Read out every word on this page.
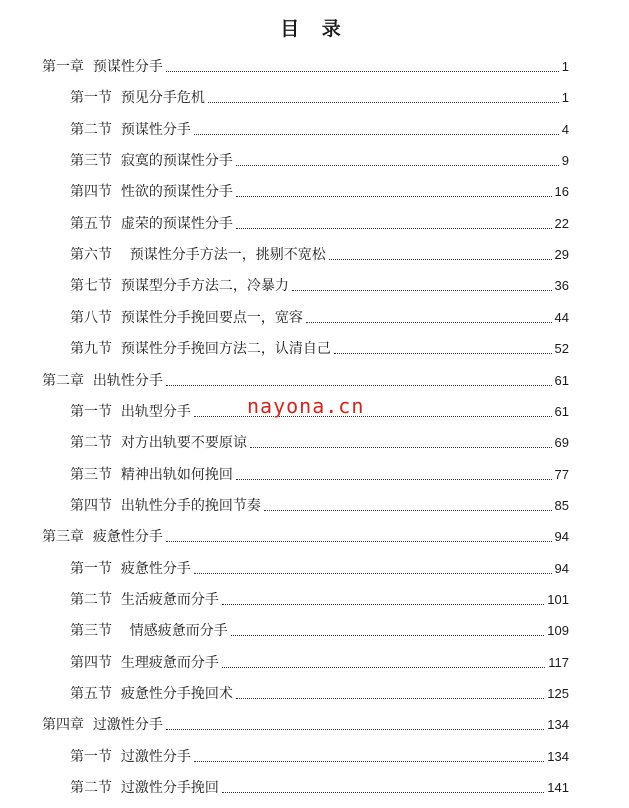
目 录
第一章  预谋性分手	1
第一节  预见分手危机	1
第二节  预谋性分手	4
第三节  寂寞的预谋性分手	9
第四节  性欲的预谋性分手	16
第五节  虚荣的预谋性分手	22
第六节    预谋性分手方法一，挑剔不宽松	29
第七节  预谋型分手方法二，冷暴力	36
第八节  预谋性分手挽回要点一，宽容	44
第九节  预谋性分手挽回方法二，认清自己	52
第二章  出轨性分手	61
第一节  出轨型分手	61
第二节  对方出轨要不要原谅	69
第三节  精神出轨如何挽回	77
第四节  出轨性分手的挽回节奏	85
第三章  疲惫性分手	94
第一节  疲惫性分手	94
第二节  生活疲惫而分手	101
第三节    情感疲惫而分手	109
第四节  生理疲惫而分手	117
第五节  疲惫性分手挽回术	125
第四章  过激性分手	134
第一节  过激性分手	134
第二节  过激性分手挽回	141
nayona.cn
